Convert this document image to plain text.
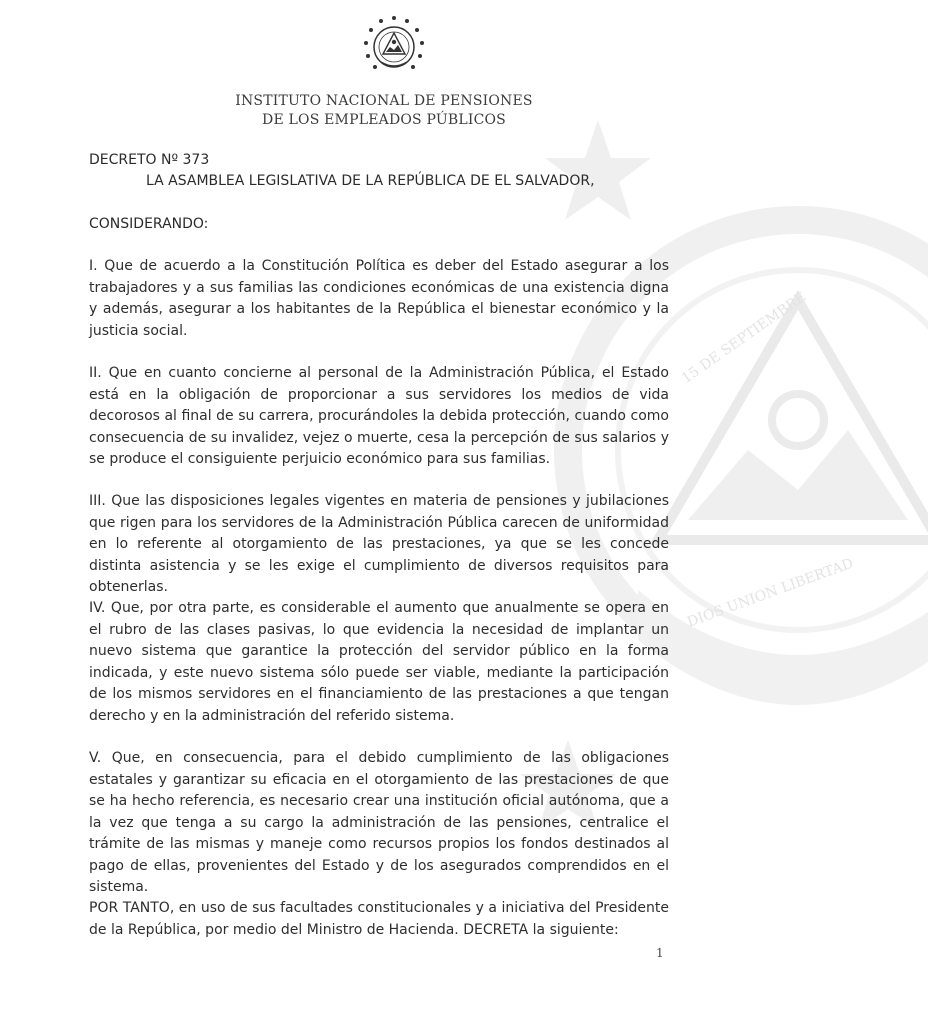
15 DE SEPTIEMBRE
DIOS UNION LIBERTAD
INSTITUTO NACIONAL DE PENSIONES
DE LOS EMPLEADOS PÚBLICOS
DECRETO Nº 373
LA ASAMBLEA LEGISLATIVA DE LA REPÚBLICA DE EL SALVADOR,
CONSIDERANDO:

I. Que de acuerdo a la Constitución Política es deber del Estado asegurar a los trabajadores y a sus familias las condiciones económicas de una existencia digna y además, asegurar a los habitantes de la República el bienestar económico y la justicia social.

II. Que en cuanto concierne al personal de la Administración Pública, el Estado está en la obligación de proporcionar a sus servidores los medios de vida decorosos al final de su carrera, procurándoles la debida protección, cuando como consecuencia de su invalidez, vejez o muerte, cesa la percepción de sus salarios y se produce el consiguiente perjuicio económico para sus familias.

III. Que las disposiciones legales vigentes en materia de pensiones y jubilaciones que rigen para los servidores de la Administración Pública carecen de uniformidad en lo referente al otorgamiento de las prestaciones, ya que se les concede distinta asistencia y se les exige el cumplimiento de diversos requisitos para obtenerlas.

IV. Que, por otra parte, es considerable el aumento que anualmente se opera en el rubro de las clases pasivas, lo que evidencia la necesidad de implantar un nuevo sistema que garantice la protección del servidor público en la forma indicada, y este nuevo sistema sólo puede ser viable, mediante la participación de los mismos servidores en el financiamiento de las prestaciones a que tengan derecho y en la administración del referido sistema.

V. Que, en consecuencia, para el debido cumplimiento de las obligaciones estatales y garantizar su eficacia en el otorgamiento de las prestaciones de que se ha hecho referencia, es necesario crear una institución oficial autónoma, que a la vez que tenga a su cargo la administración de las pensiones, centralice el trámite de las mismas y maneje como recursos propios los fondos destinados al pago de ellas, provenientes del Estado y de los asegurados comprendidos en el sistema.

POR TANTO, en uso de sus facultades constitucionales y a iniciativa del Presidente de la República, por medio del Ministro de Hacienda. DECRETA la siguiente:

1
